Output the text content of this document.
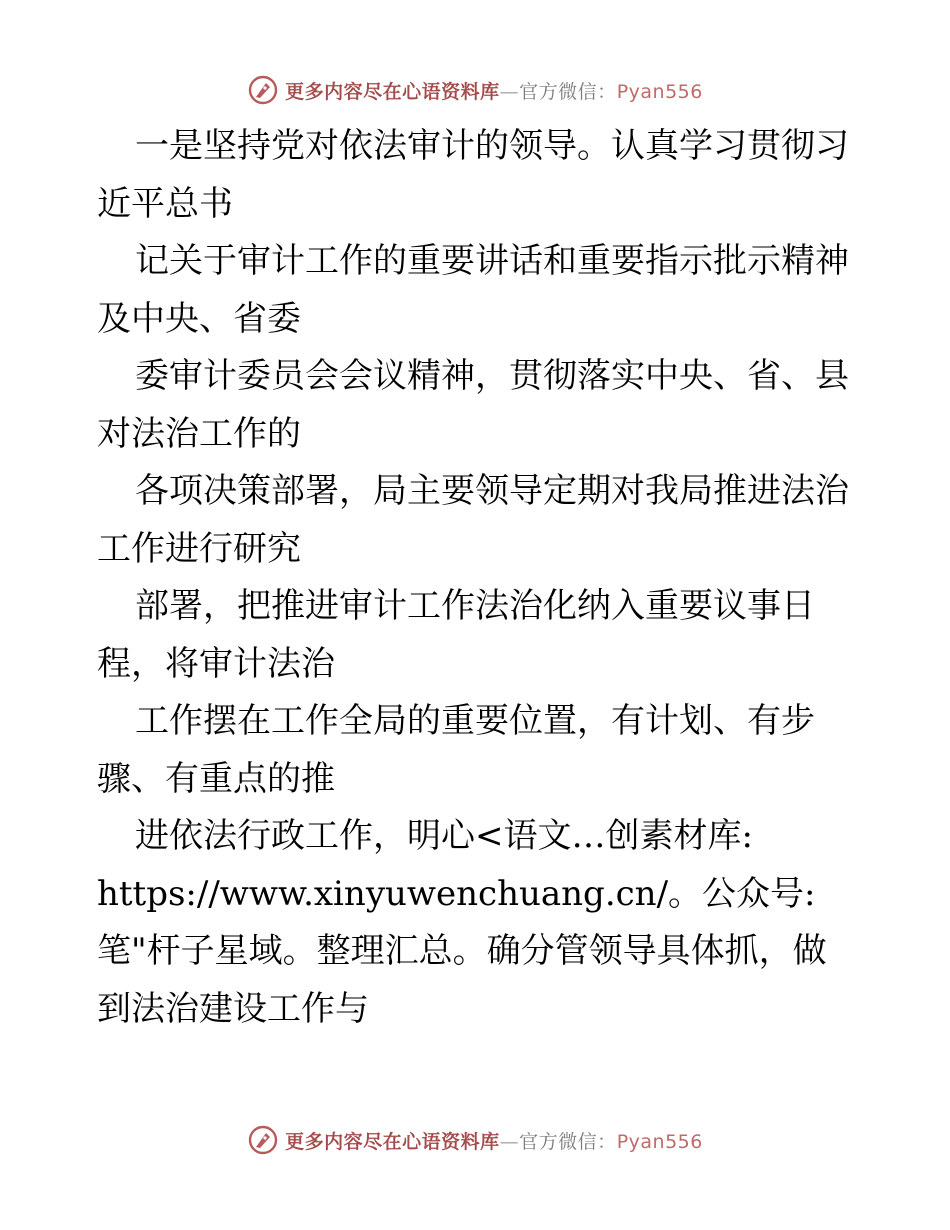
更多内容尽在心语资料库—官方微信：Pyan556
一是坚持党对依法审计的领导。认真学习贯彻习
近平总书
记关于审计工作的重要讲话和重要指示批示精神
及中央、省委
委审计委员会会议精神，贯彻落实中央、省、县
对法治工作的
各项决策部署，局主要领导定期对我局推进法治
工作进行研究
部署，把推进审计工作法治化纳入重要议事日
程，将审计法治
工作摆在工作全局的重要位置，有计划、有步
骤、有重点的推
进依法行政工作，明心<语文…创素材库:
https://www.xinyuwenchuang.cn/。公众号:
笔"杆子星域。整理汇总。确分管领导具体抓，做
到法治建设工作与
更多内容尽在心语资料库—官方微信：Pyan556
